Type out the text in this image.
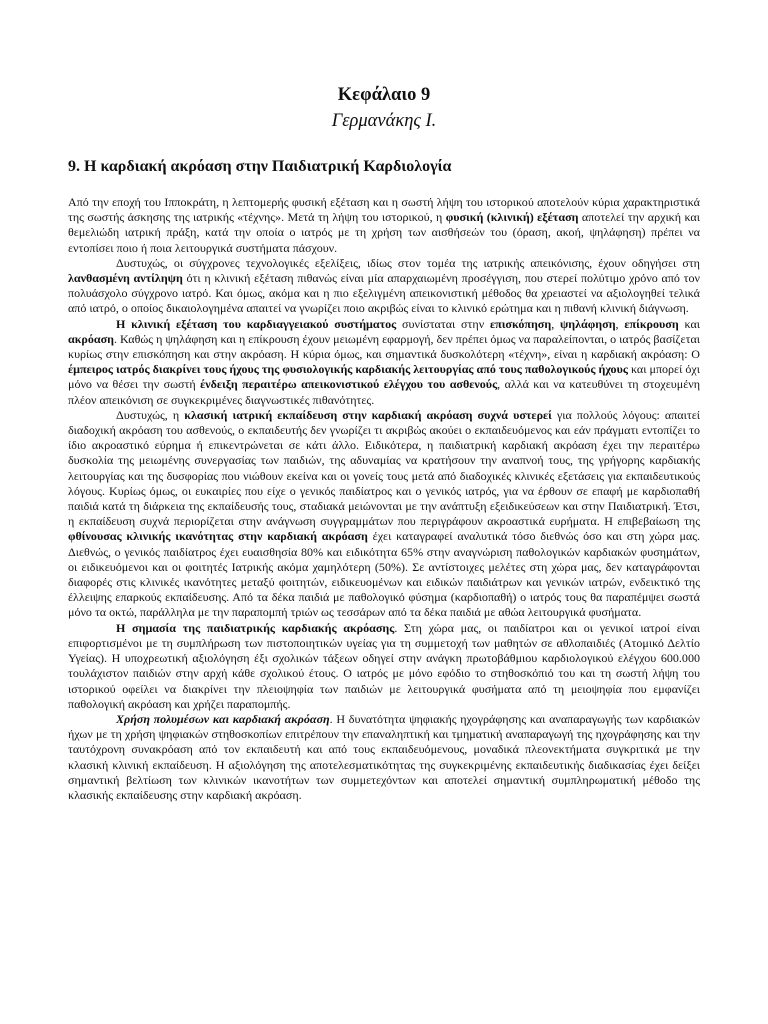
Κεφάλαιο 9
Γερμανάκης Ι.
9. Η καρδιακή ακρόαση στην Παιδιατρική Καρδιολογία

Από την εποχή του Ιπποκράτη, η λεπτομερής φυσική εξέταση και η σωστή λήψη του ιστορικού αποτελούν κύρια χαρακτηριστικά της σωστής άσκησης της ιατρικής «τέχνης». Μετά τη λήψη του ιστορικού, η φυσική (κλινική) εξέταση αποτελεί την αρχική και θεμελιώδη ιατρική πράξη, κατά την οποία ο ιατρός με τη χρήση των αισθήσεών του (όραση, ακοή, ψηλάφηση) πρέπει να εντοπίσει ποιο ή ποια λειτουργικά συστήματα πάσχουν.

Δυστυχώς, οι σύγχρονες τεχνολογικές εξελίξεις, ιδίως στον τομέα της ιατρικής απεικόνισης, έχουν οδηγήσει στη λανθασμένη αντίληψη ότι η κλινική εξέταση πιθανώς είναι μία απαρχαιωμένη προσέγγιση, που στερεί πολύτιμο χρόνο από τον πολυάσχολο σύγχρονο ιατρό. Και όμως, ακόμα και η πιο εξελιγμένη απεικονιστική μέθοδος θα χρειαστεί να αξιολογηθεί τελικά από ιατρό, ο οποίος δικαιολογημένα απαιτεί να γνωρίζει ποιο ακριβώς είναι το κλινικό ερώτημα και η πιθανή κλινική διάγνωση.

Η κλινική εξέταση του καρδιαγγειακού συστήματος συνίσταται στην επισκόπηση, ψηλάφηση, επίκρουση και ακρόαση. Καθώς η ψηλάφηση και η επίκρουση έχουν μειωμένη εφαρμογή, δεν πρέπει όμως να παραλείπονται, ο ιατρός βασίζεται κυρίως στην επισκόπηση και στην ακρόαση. Η κύρια όμως, και σημαντικά δυσκολότερη «τέχνη», είναι η καρδιακή ακρόαση: Ο έμπειρος ιατρός διακρίνει τους ήχους της φυσιολογικής καρδιακής λειτουργίας από τους παθολογικούς ήχους και μπορεί όχι μόνο να θέσει την σωστή ένδειξη περαιτέρω απεικονιστικού ελέγχου του ασθενούς, αλλά και να κατευθύνει τη στοχευμένη πλέον απεικόνιση σε συγκεκριμένες διαγνωστικές πιθανότητες.

Δυστυχώς, η κλασική ιατρική εκπαίδευση στην καρδιακή ακρόαση συχνά υστερεί για πολλούς λόγους: απαιτεί διαδοχική ακρόαση του ασθενούς, ο εκπαιδευτής δεν γνωρίζει τι ακριβώς ακούει ο εκπαιδευόμενος και εάν πράγματι εντοπίζει το ίδιο ακροαστικό εύρημα ή επικεντρώνεται σε κάτι άλλο. Ειδικότερα, η παιδιατρική καρδιακή ακρόαση έχει την περαιτέρω δυσκολία της μειωμένης συνεργασίας των παιδιών, της αδυναμίας να κρατήσουν την αναπνοή τους, της γρήγορης καρδιακής λειτουργίας και της δυσφορίας που νιώθουν εκείνα και οι γονείς τους μετά από διαδοχικές κλινικές εξετάσεις για εκπαιδευτικούς λόγους. Κυρίως όμως, οι ευκαιρίες που είχε ο γενικός παιδίατρος και ο γενικός ιατρός, για να έρθουν σε επαφή με καρδιοπαθή παιδιά κατά τη διάρκεια της εκπαίδευσής τους, σταδιακά μειώνονται με την ανάπτυξη εξειδικεύσεων και στην Παιδιατρική. Έτσι, η εκπαίδευση συχνά περιορίζεται στην ανάγνωση συγγραμμάτων που περιγράφουν ακροαστικά ευρήματα. Η επιβεβαίωση της φθίνουσας κλινικής ικανότητας στην καρδιακή ακρόαση έχει καταγραφεί αναλυτικά τόσο διεθνώς όσο και στη χώρα μας. Διεθνώς, ο γενικός παιδίατρος έχει ευαισθησία 80% και ειδικότητα 65% στην αναγνώριση παθολογικών καρδιακών φυσημάτων, οι ειδικευόμενοι και οι φοιτητές Ιατρικής ακόμα χαμηλότερη (50%). Σε αντίστοιχες μελέτες στη χώρα μας, δεν καταγράφονται διαφορές στις κλινικές ικανότητες μεταξύ φοιτητών, ειδικευομένων και ειδικών παιδιάτρων και γενικών ιατρών, ενδεικτικό της έλλειψης επαρκούς εκπαίδευσης. Από τα δέκα παιδιά με παθολογικό φύσημα (καρδιοπαθή) ο ιατρός τους θα παραπέμψει σωστά μόνο τα οκτώ, παράλληλα με την παραπομπή τριών ως τεσσάρων από τα δέκα παιδιά με αθώα λειτουργικά φυσήματα.

Η σημασία της παιδιατρικής καρδιακής ακρόασης. Στη χώρα μας, οι παιδίατροι και οι γενικοί ιατροί είναι επιφορτισμένοι με τη συμπλήρωση των πιστοποιητικών υγείας για τη συμμετοχή των μαθητών σε αθλοπαιδιές (Ατομικό Δελτίο Υγείας). Η υποχρεωτική αξιολόγηση έξι σχολικών τάξεων οδηγεί στην ανάγκη πρωτοβάθμιου καρδιολογικού ελέγχου 600.000 τουλάχιστον παιδιών στην αρχή κάθε σχολικού έτους. Ο ιατρός με μόνο εφόδιο το στηθοσκόπιό του και τη σωστή λήψη του ιστορικού οφείλει να διακρίνει την πλειοψηφία των παιδιών με λειτουργικά φυσήματα από τη μειοψηφία που εμφανίζει παθολογική ακρόαση και χρήζει παραπομπής.

Χρήση πολυμέσων και καρδιακή ακρόαση. Η δυνατότητα ψηφιακής ηχογράφησης και αναπαραγωγής των καρδιακών ήχων με τη χρήση ψηφιακών στηθοσκοπίων επιτρέπουν την επαναληπτική και τμηματική αναπαραγωγή της ηχογράφησης και την ταυτόχρονη συνακρόαση από τον εκπαιδευτή και από τους εκπαιδευόμενους, μοναδικά πλεονεκτήματα συγκριτικά με την κλασική κλινική εκπαίδευση. Η αξιολόγηση της αποτελεσματικότητας της συγκεκριμένης εκπαιδευτικής διαδικασίας έχει δείξει σημαντική βελτίωση των κλινικών ικανοτήτων των συμμετεχόντων και αποτελεί σημαντική συμπληρωματική μέθοδο της κλασικής εκπαίδευσης στην καρδιακή ακρόαση.
